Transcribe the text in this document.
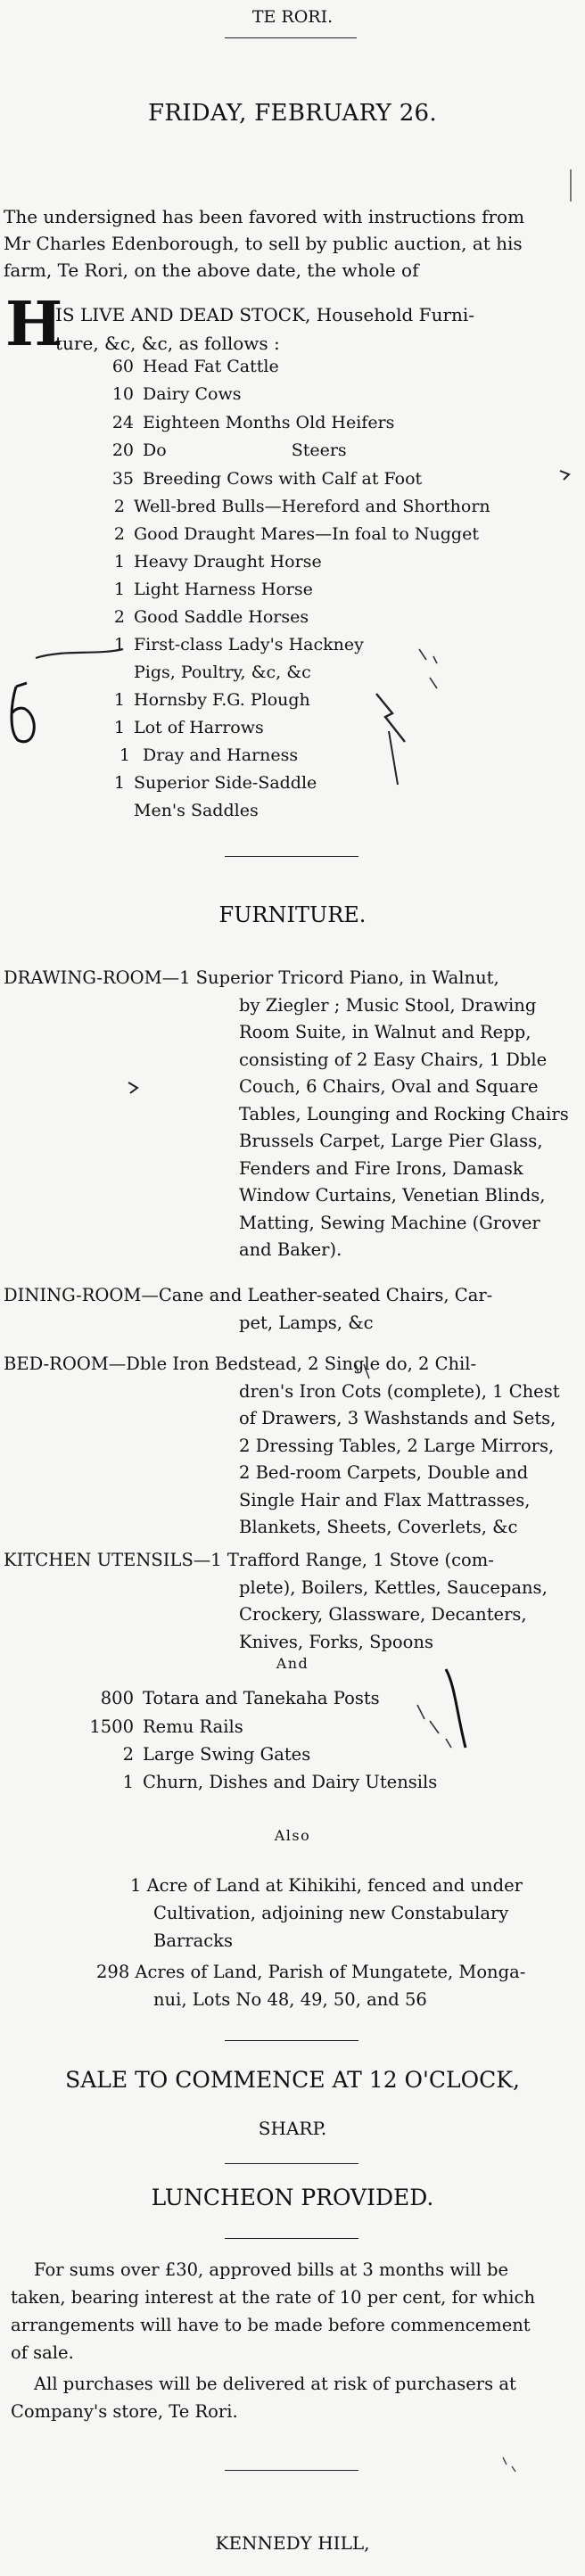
TE RORI.
FRIDAY, FEBRUARY 26.
The undersigned has been favored with instructions from
Mr Charles Edenborough, to sell by public auction, at his
farm, Te Rori, on the above date, the whole of
H
IS LIVE AND DEAD STOCK, Household Furni-
ture, &c, &c, as follows :
60 Head Fat Cattle
10 Dairy Cows
24 Eighteen Months Old Heifers
20 Do	Steers
35 Breeding Cows with Calf at Foot
2 Well-bred Bulls—Hereford and Shorthorn
2 Good Draught Mares—In foal to Nugget
1 Heavy Draught Horse
1 Light Harness Horse
2 Good Saddle Horses
1 First-class Lady's Hackney
Pigs, Poultry, &c, &c
1 Hornsby F.G. Plough
1 Lot of Harrows
1 Dray and Harness
1 Superior Side-Saddle
Men's Saddles
FURNITURE.
DRAWING-ROOM—1 Superior Tricord Piano, in Walnut,
by Ziegler ; Music Stool, Drawing
Room Suite, in Walnut and Repp,
consisting of 2 Easy Chairs, 1 Dble
Couch, 6 Chairs, Oval and Square
Tables, Lounging and Rocking Chairs
Brussels Carpet, Large Pier Glass,
Fenders and Fire Irons, Damask
Window Curtains, Venetian Blinds,
Matting, Sewing Machine (Grover
and Baker).
DINING-ROOM—Cane and Leather-seated Chairs, Car-
pet, Lamps, &c
BED-ROOM—Dble Iron Bedstead, 2 Single do, 2 Chil-
dren's Iron Cots (complete), 1 Chest
of Drawers, 3 Washstands and Sets,
2 Dressing Tables, 2 Large Mirrors,
2 Bed-room Carpets, Double and
Single Hair and Flax Mattrasses,
Blankets, Sheets, Coverlets, &c
KITCHEN UTENSILS—1 Trafford Range, 1 Stove (com-
plete), Boilers, Kettles, Saucepans,
Crockery, Glassware, Decanters,
Knives, Forks, Spoons
And
800 Totara and Tanekaha Posts
1500 Remu Rails
2 Large Swing Gates
1 Churn, Dishes and Dairy Utensils
Also
1 Acre of Land at Kihikihi, fenced and under
Cultivation, adjoining new Constabulary
Barracks
298 Acres of Land, Parish of Mungatete, Monga-
nui, Lots No 48, 49, 50, and 56
SALE TO COMMENCE AT 12 O'CLOCK,
SHARP.
LUNCHEON PROVIDED.
For sums over £30, approved bills at 3 months will be
taken, bearing interest at the rate of 10 per cent, for which
arrangements will have to be made before commencement
of sale.
All purchases will be delivered at risk of purchasers at
Company's store, Te Rori.
KENNEDY HILL,
